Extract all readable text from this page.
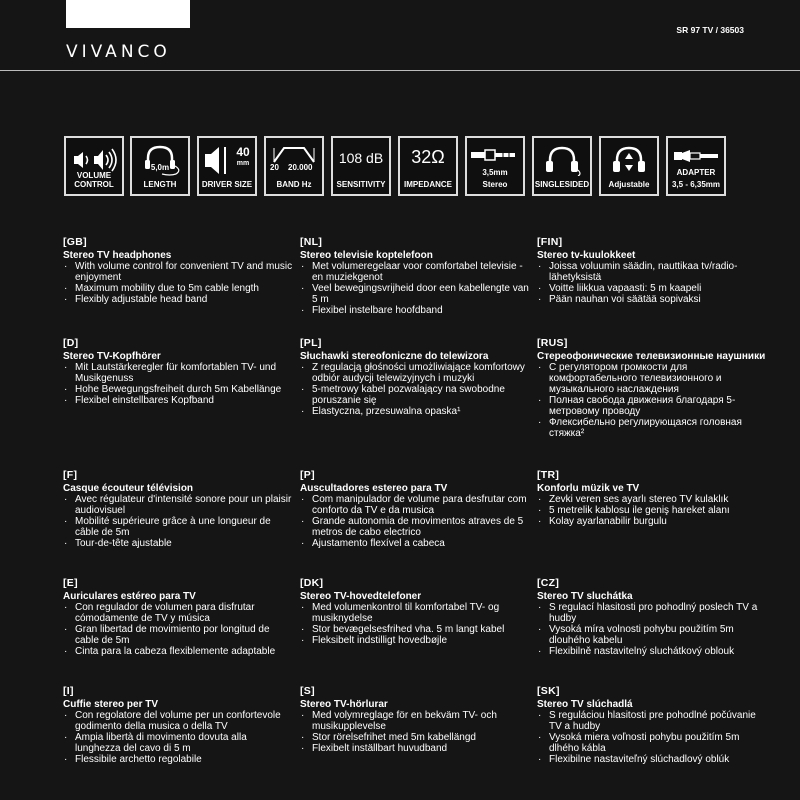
VIVANCO
SR 97 TV / 36503
VOLUME CONTROL
5,0m
LENGTH
40
mm
DRIVER SIZE
20 20.000
BAND Hz
108 dB
SENSITIVITY
32Ω
IMPEDANCE
3,5mm
Stereo	SINGLESIDED	Adjustable
ADAPTER
3,5 - 6,35mm
[GB]
Stereo TV headphones
· With volume control for convenient TV and music enjoyment
· Maximum mobility due to 5m cable length
· Flexibly adjustable head band
[NL]
Stereo televisie koptelefoon
· Met volumeregelaar voor comfortabel televisie - en muziekgenot
· Veel bewegingsvrijheid door een kabellengte van 5 m
· Flexibel instelbare hoofdband
[FIN]
Stereo tv-kuulokkeet
· Joissa voluumin säädin, nauttikaa tv/radio-lähetyksistä
· Voitte liikkua vapaasti: 5 m kaapeli
· Pään nauhan voi säätää sopivaksi
[D]
Stereo TV-Kopfhörer
· Mit Lautstärkeregler für komfortablen TV- und Musikgenuss
· Hohe Bewegungsfreiheit durch 5m Kabellänge
· Flexibel einstellbares Kopfband
[PL]
Słuchawki stereofoniczne do telewizora
· Z regulacją głośności umożliwiające komfortowy odbiór audycji telewizyjnych i muzyki
· 5-metrowy kabel pozwalający na swobodne poruszanie się
· Elastyczna, przesuwalna opaska¹
[RUS]
Стереофонические телевизионные наушники
· С регулятором громкости для комфортабельного телевизионного и музыкального наслаждения
· Полная свобода движения благодаря 5-метровому проводу
· Флексибельно регулирующаяся головная стяжка²
[F]
Casque écouteur télévision
· Avec régulateur d'intensité sonore pour un plaisir audiovisuel
· Mobilité supérieure grâce à une longueur de câble de 5m
· Tour-de-tête ajustable
[P]
Auscultadores estereo para TV
· Com manipulador de volume para desfrutar com conforto da TV e da musica
· Grande autonomia de movimentos atraves de 5 metros de cabo electrico
· Ajustamento flexível a cabeca
[TR]
Konforlu müzik ve TV
· Zevki veren ses ayarlı stereo TV kulaklık
· 5 metrelik kablosu ile geniş hareket alanı
· Kolay ayarlanabilir burgulu
[E]
Auriculares estéreo para TV
· Con regulador de volumen para disfrutar cómodamente de TV y música
· Gran libertad de movimiento por longitud de cable de 5m
· Cinta para la cabeza flexiblemente adaptable
[DK]
Stereo TV-hovedtelefoner
· Med volumenkontrol til komfortabel TV- og musiknydelse
· Stor bevægelsesfrihed vha. 5 m langt kabel
· Fleksibelt indstilligt hovedbøjle
[CZ]
Stereo TV sluchátka
· S regulací hlasitosti pro pohodlný poslech TV a hudby
· Vysoká míra volnosti pohybu použitím 5m dlouhého kabelu
· Flexibilně nastavitelný sluchátkový oblouk
[I]
Cuffie stereo per TV
· Con regolatore del volume per un confortevole godimento della musica o della TV
· Ampia libertà di movimento dovuta alla lunghezza del cavo di 5 m
· Flessibile archetto regolabile
[S]
Stereo TV-hörlurar
· Med volymreglage för en bekväm TV- och musikupplevelse
· Stor rörelsefrihet med 5m kabellängd
· Flexibelt inställbart huvudband
[SK]
Stereo TV slúchadlá
· S reguláciou hlasitosti pre pohodlné počúvanie TV a hudby
· Vysoká miera voľnosti pohybu použitím 5m dlhého kábla
· Flexibilne nastaviteľný slúchadlový oblúk
